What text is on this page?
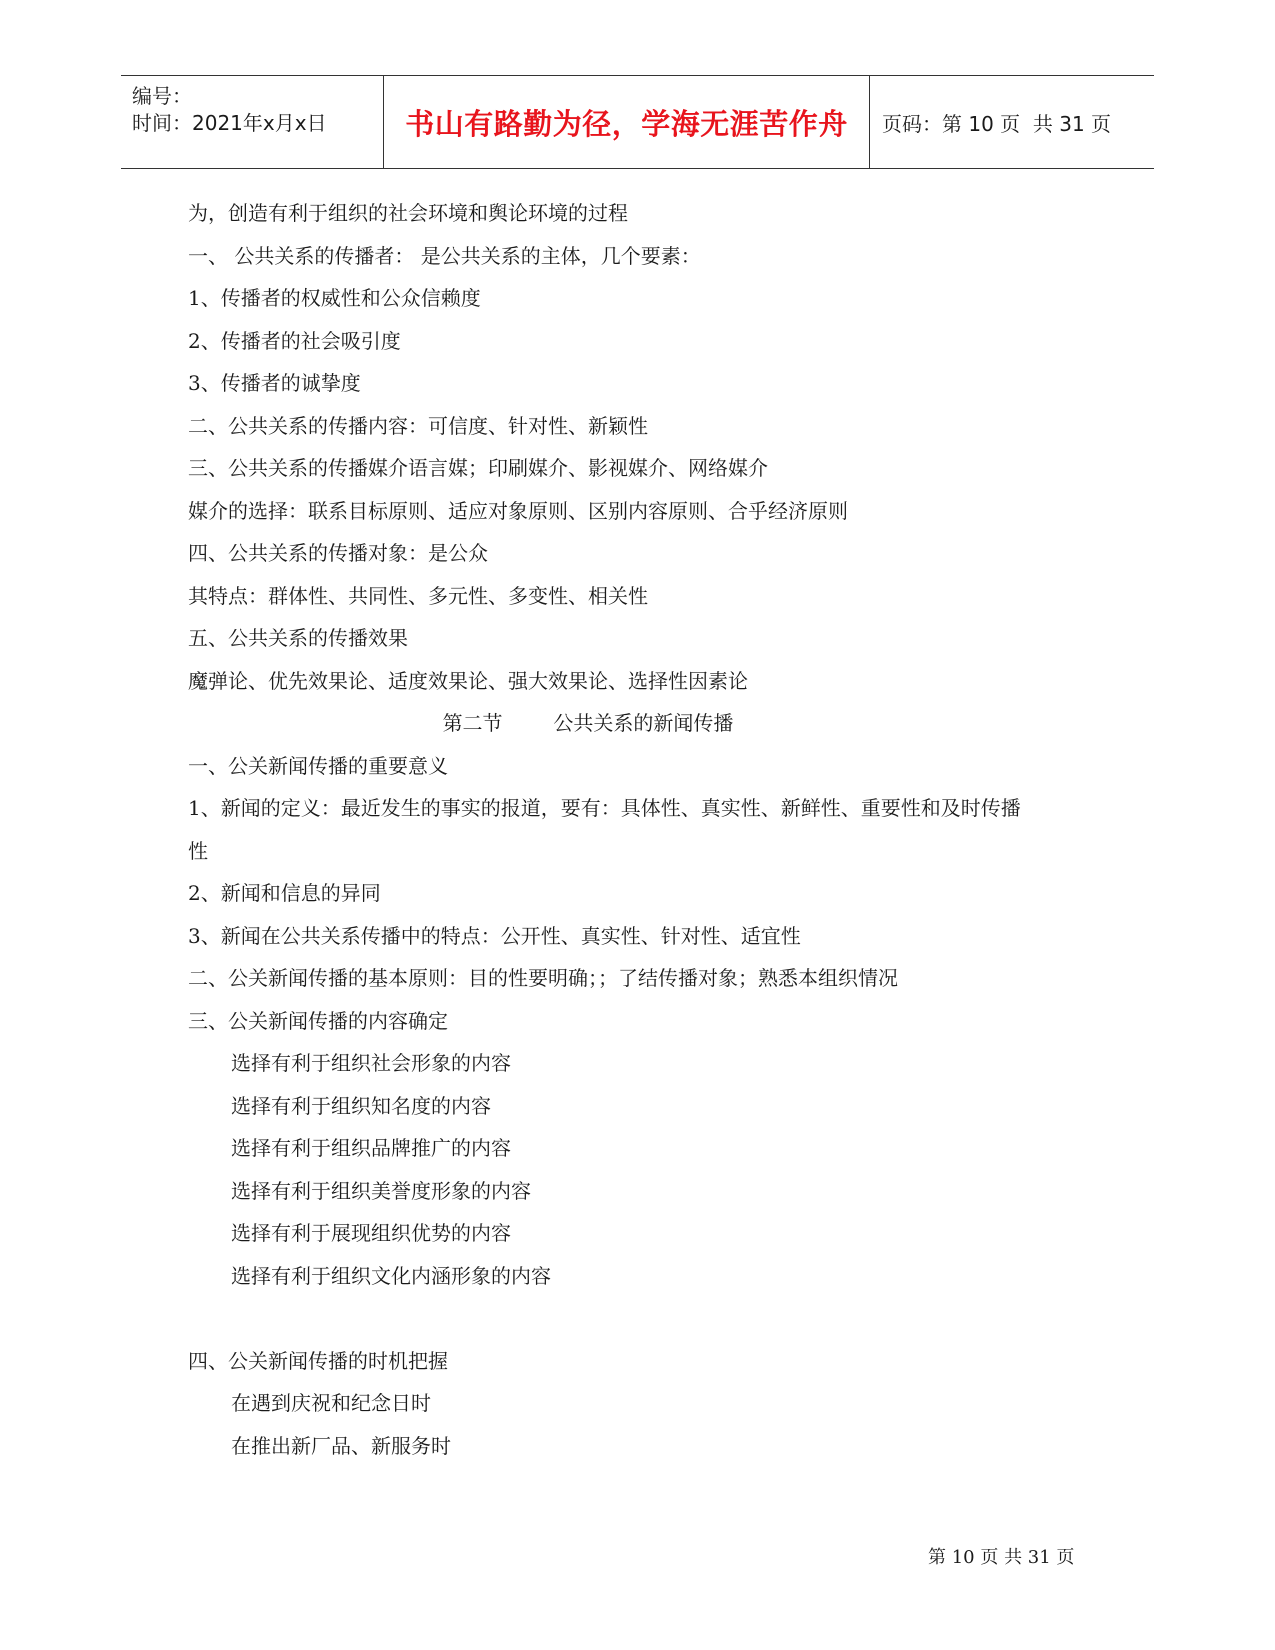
编号：
时间：2021年x月x日	书山有路勤为径，学海无涯苦作舟 页码：第 10 页  共 31 页
为，创造有利于组织的社会环境和舆论环境的过程
一、 公共关系的传播者： 是公共关系的主体，几个要素：
1、传播者的权威性和公众信赖度
2、传播者的社会吸引度
3、传播者的诚挚度
二、公共关系的传播内容：可信度、针对性、新颖性
三、公共关系的传播媒介语言媒；印刷媒介、影视媒介、网络媒介
媒介的选择：联系目标原则、适应对象原则、区别内容原则、合乎经济原则
四、公共关系的传播对象：是公众
其特点：群体性、共同性、多元性、多变性、相关性
五、公共关系的传播效果
魔弹论、优先效果论、适度效果论、强大效果论、选择性因素论
第二节        公共关系的新闻传播
一、公关新闻传播的重要意义
1、新闻的定义：最近发生的事实的报道，要有：具体性、真实性、新鲜性、重要性和及时传播
性
2、新闻和信息的异同
3、新闻在公共关系传播中的特点：公开性、真实性、针对性、适宜性
二、公关新闻传播的基本原则：目的性要明确；；了结传播对象；熟悉本组织情况
三、公关新闻传播的内容确定
选择有利于组织社会形象的内容
选择有利于组织知名度的内容
选择有利于组织品牌推广的内容
选择有利于组织美誉度形象的内容
选择有利于展现组织优势的内容
选择有利于组织文化内涵形象的内容
四、公关新闻传播的时机把握
在遇到庆祝和纪念日时
在推出新厂品、新服务时
第 10 页 共 31 页
